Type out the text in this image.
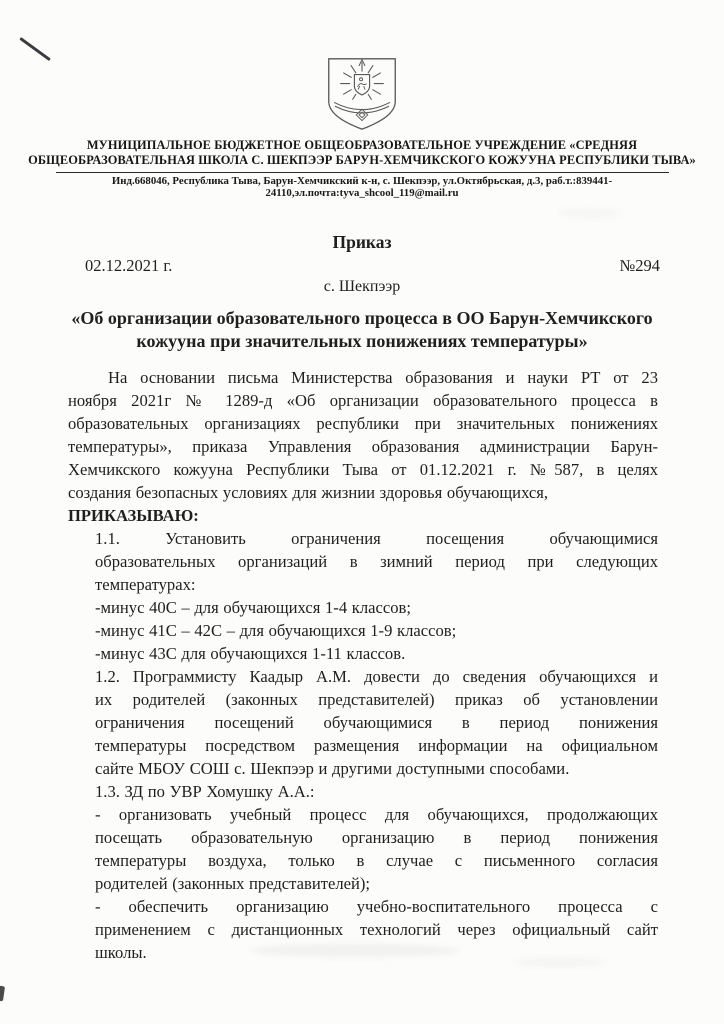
МУНИЦИПАЛЬНОЕ БЮДЖЕТНОЕ ОБЩЕОБРАЗОВАТЕЛЬНОЕ УЧРЕЖДЕНИЕ «СРЕДНЯЯ
ОБЩЕОБРАЗОВАТЕЛЬНАЯ ШКОЛА С. ШЕКПЭЭР БАРУН-ХЕМЧИКСКОГО КОЖУУНА РЕСПУБЛИКИ ТЫВА»
Инд.668046, Республика Тыва, Барун-Хемчикский к-н, с. Шекпээр, ул.Октябрьская, д.3, раб.т.:839441-24110,эл.почта:tyva_shcool_119@mail.ru
Приказ
02.12.2021 г.	№294
с. Шекпээр
«Об организации образовательного процесса в ОО Барун-Хемчикского
кожууна при значительных понижениях температуры»
На основании письма Министерства образования и науки РТ от 23
ноября 2021г № 1289-д «Об организации образовательного процесса в
образовательных организациях республики при значительных понижениях
температуры», приказа Управления образования администрации Барун-
Хемчикского кожууна Республики Тыва от 01.12.2021 г. №587, в целях
создания безопасных условиях для жизнии здоровья обучающихся,
ПРИКАЗЫВАЮ:
1.1. Установить ограничения посещения обучающимися
образовательных организаций в зимний период при следующих
температурах:
-минус 40С – для обучающихся 1-4 классов;
-минус 41С – 42С – для обучающихся 1-9 классов;
-минус 43С для обучающихся 1-11 классов.
1.2. Программисту Каадыр А.М. довести до сведения обучающихся и
их родителей (законных представителей) приказ об установлении
ограничения посещений обучающимися в период понижения
температуры посредством размещения информации на официальном
сайте МБОУ СОШ с. Шекпээр и другими доступными способами.
1.3. ЗД по УВР Хомушку А.А.:
- организовать учебный процесс для обучающихся, продолжающих
посещать образовательную организацию в период понижения
температуры воздуха, только в случае с письменного согласия
родителей (законных представителей);
- обеспечить организацию учебно-воспитательного процесса с
применением с дистанционных технологий через официальный сайт
школы.
